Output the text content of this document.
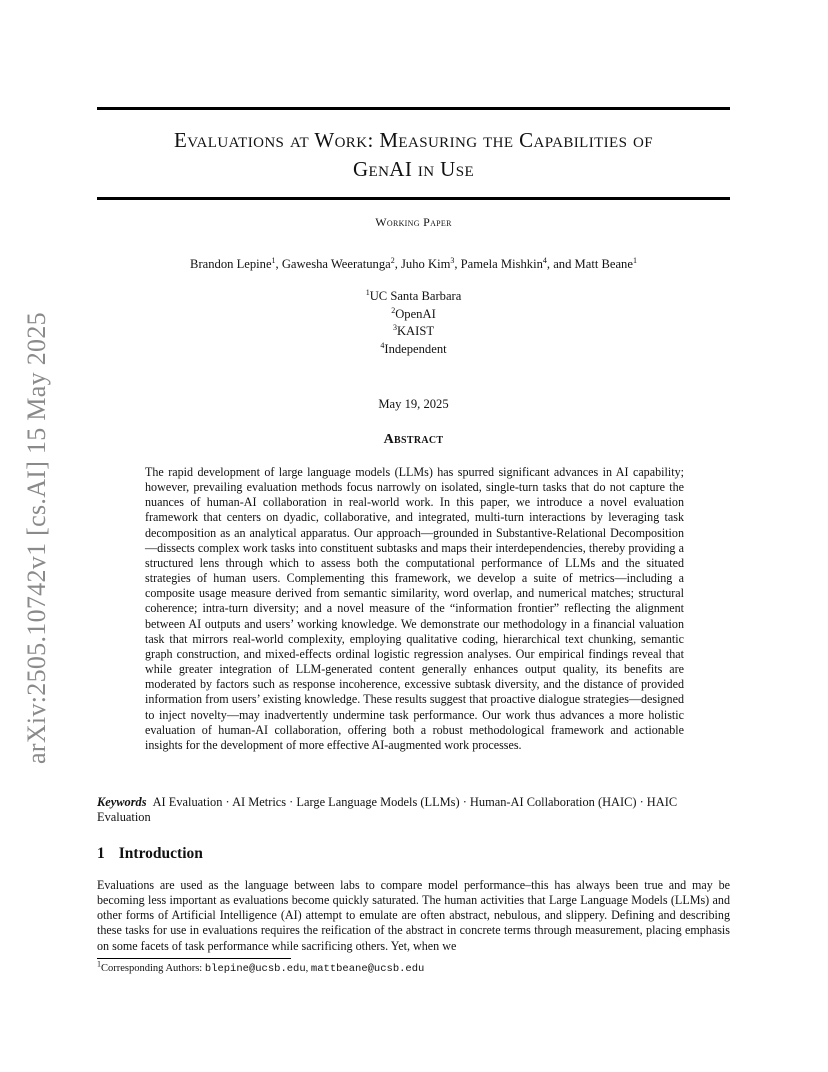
arXiv:2505.10742v1 [cs.AI] 15 May 2025
Evaluations at Work: Measuring the Capabilities of
GenAI in Use
Working Paper
Brandon Lepine$^1$, Gawesha Weeratunga$^2$, Juho Kim$^3$, Pamela Mishkin$^4$, and Matt Beane$^1$
$^1$UC Santa Barbara
$^2$OpenAI
$^3$KAIST
$^4$Independent
May 19, 2025
Abstract
The rapid development of large language models (LLMs) has spurred significant advances in AI capability; however, prevailing evaluation methods focus narrowly on isolated, single-turn tasks that do not capture the nuances of human-AI collaboration in real-world work. In this paper, we introduce a novel evaluation framework that centers on dyadic, collaborative, and integrated, multi-turn interactions by leveraging task decomposition as an analytical apparatus. Our approach—grounded in Substantive-Relational Decomposition—dissects complex work tasks into constituent subtasks and maps their interdependencies, thereby providing a structured lens through which to assess both the computational performance of LLMs and the situated strategies of human users. Complementing this framework, we develop a suite of metrics—including a composite usage measure derived from semantic similarity, word overlap, and numerical matches; structural coherence; intra-turn diversity; and a novel measure of the “information frontier” reflecting the alignment between AI outputs and users’ working knowledge. We demonstrate our methodology in a financial valuation task that mirrors real-world complexity, employing qualitative coding, hierarchical text chunking, semantic graph construction, and mixed-effects ordinal logistic regression analyses. Our empirical findings reveal that while greater integration of LLM-generated content generally enhances output quality, its benefits are moderated by factors such as response incoherence, excessive subtask diversity, and the distance of provided information from users’ existing knowledge. These results suggest that proactive dialogue strategies—designed to inject novelty—may inadvertently undermine task performance. Our work thus advances a more holistic evaluation of human-AI collaboration, offering both a robust methodological framework and actionable insights for the development of more effective AI-augmented work processes.
Keywords AI Evaluation · AI Metrics · Large Language Models (LLMs) · Human-AI Collaboration (HAIC) · HAIC Evaluation
1 Introduction
Evaluations are used as the language between labs to compare model performance–this has always been true and may be becoming less important as evaluations become quickly saturated. The human activities that Large Language Models (LLMs) and other forms of Artificial Intelligence (AI) attempt to emulate are often abstract, nebulous, and slippery. Defining and describing these tasks for use in evaluations requires the reification of the abstract in concrete terms through measurement, placing emphasis on some facets of task performance while sacrificing others. Yet, when we
$^1$Corresponding Authors: blepine@ucsb.edu, mattbeane@ucsb.edu
